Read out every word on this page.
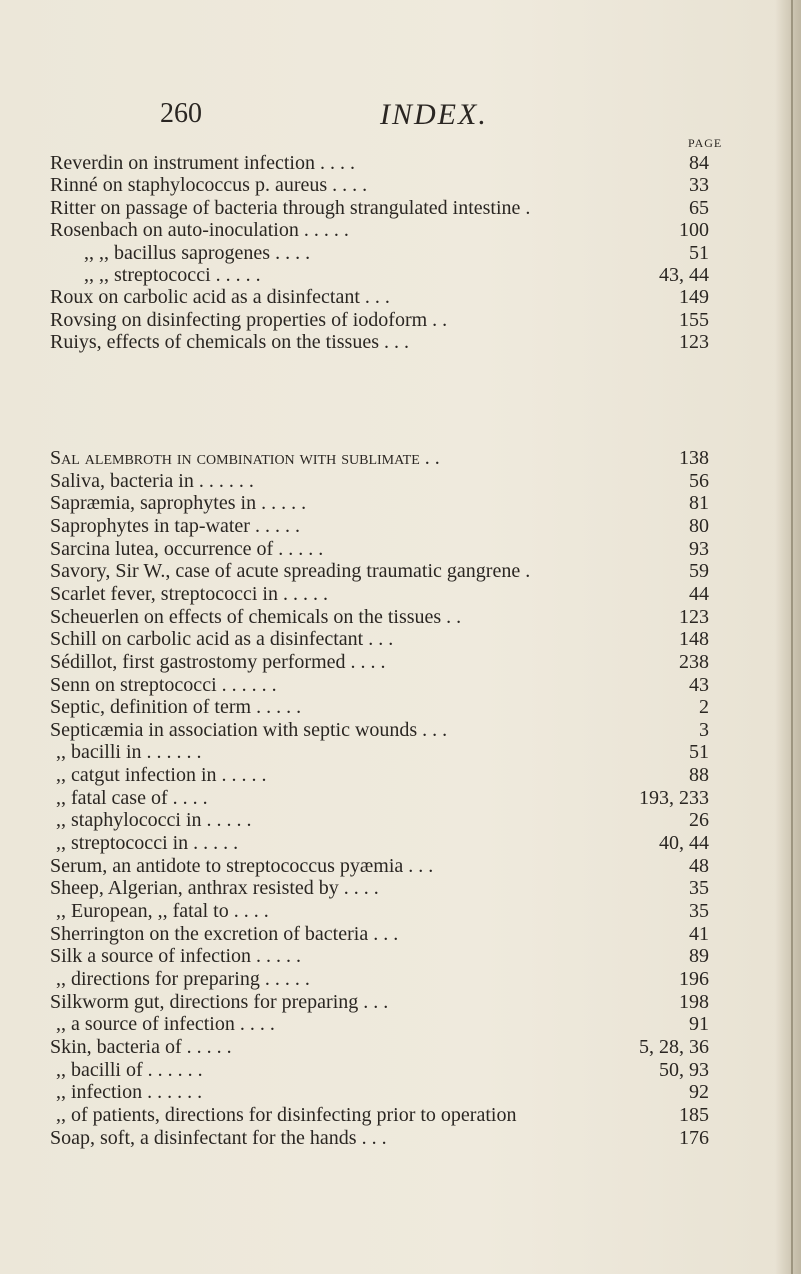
260	INDEX.
PAGE
Reverdin on instrument infection . . . .	84
Rinné on staphylococcus p. aureus . . . .	33
Ritter on passage of bacteria through strangulated intestine .	65
Rosenbach on auto-inoculation . . . . .	100
,, ,, bacillus saprogenes . . . .	51
,, ,, streptococci . . . . .	43, 44
Roux on carbolic acid as a disinfectant . . .	149
Rovsing on disinfecting properties of iodoform . .	155
Ruiys, effects of chemicals on the tissues . . .	123
Sal alembroth in combination with sublimate . .	138
Saliva, bacteria in . . . . . .	56
Sapræmia, saprophytes in . . . . .	81
Saprophytes in tap-water . . . . .	80
Sarcina lutea, occurrence of . . . . .	93
Savory, Sir W., case of acute spreading traumatic gangrene .	59
Scarlet fever, streptococci in . . . . .	44
Scheuerlen on effects of chemicals on the tissues . .	123
Schill on carbolic acid as a disinfectant . . .	148
Sédillot, first gastrostomy performed . . . .	238
Senn on streptococci . . . . . .	43
Septic, definition of term . . . . .	2
Septicæmia in association with septic wounds . . .	3
,, bacilli in . . . . . .	51
,, catgut infection in . . . . .	88
,, fatal case of . . . .	193, 233
,, staphylococci in . . . . .	26
,, streptococci in . . . . .	40, 44
Serum, an antidote to streptococcus pyæmia . . .	48
Sheep, Algerian, anthrax resisted by . . . .	35
,, European, ,, fatal to . . . .	35
Sherrington on the excretion of bacteria . . .	41
Silk a source of infection . . . . .	89
,, directions for preparing . . . . .	196
Silkworm gut, directions for preparing . . .	198
,, a source of infection . . . .	91
Skin, bacteria of . . . . .	5, 28, 36
,, bacilli of . . . . . .	50, 93
,, infection . . . . . .	92
,, of patients, directions for disinfecting prior to operation	185
Soap, soft, a disinfectant for the hands . . .	176
